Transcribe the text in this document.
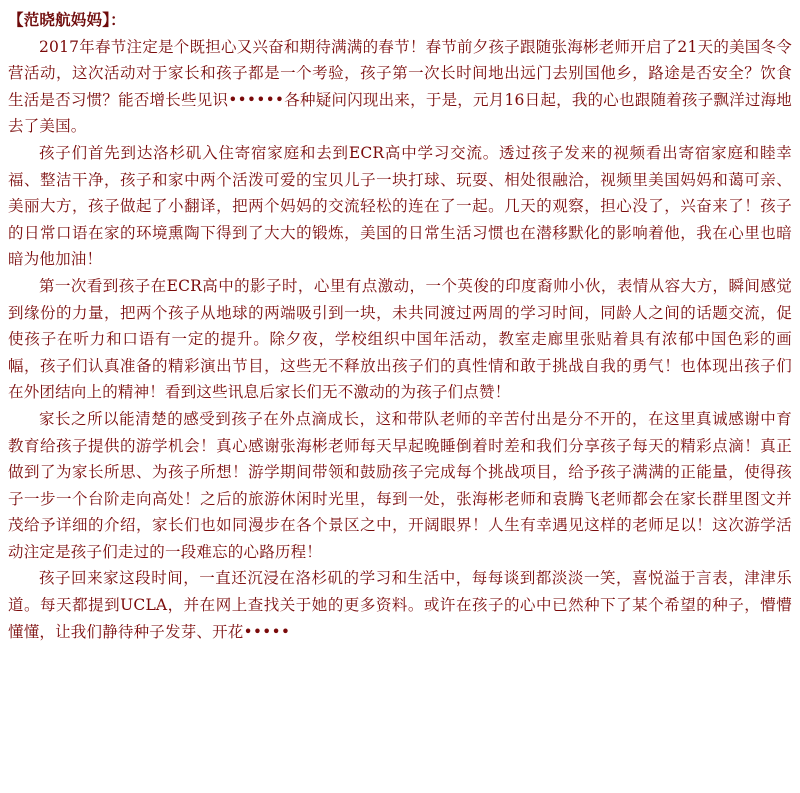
【范晓航妈妈】：

2017年春节注定是个既担心又兴奋和期待满满的春节！春节前夕孩子跟随张海彬老师开启了21天的美国冬令营活动，这次活动对于家长和孩子都是一个考验，孩子第一次长时间地出远门去别国他乡，路途是否安全？饮食生活是否习惯？能否增长些见识••••••各种疑问闪现出来，于是，元月16日起，我的心也跟随着孩子飘洋过海地去了美国。

孩子们首先到达洛杉矶入住寄宿家庭和去到ECR高中学习交流。透过孩子发来的视频看出寄宿家庭和睦幸福、整洁干净，孩子和家中两个活泼可爱的宝贝儿子一块打球、玩耍、相处很融洽，视频里美国妈妈和蔼可亲、美丽大方，孩子做起了小翻译，把两个妈妈的交流轻松的连在了一起。几天的观察，担心没了，兴奋来了！孩子的日常口语在家的环境熏陶下得到了大大的锻炼，美国的日常生活习惯也在潜移默化的影响着他，我在心里也暗暗为他加油！

第一次看到孩子在ECR高中的影子时，心里有点激动，一个英俊的印度裔帅小伙，表情从容大方，瞬间感觉到缘份的力量，把两个孩子从地球的两端吸引到一块，未共同渡过两周的学习时间，同龄人之间的话题交流，促使孩子在听力和口语有一定的提升。除夕夜，学校组织中国年活动，教室走廊里张贴着具有浓郁中国色彩的画幅，孩子们认真准备的精彩演出节目，这些无不释放出孩子们的真性情和敢于挑战自我的勇气！也体现出孩子们在外团结向上的精神！看到这些讯息后家长们无不激动的为孩子们点赞！

家长之所以能清楚的感受到孩子在外点滴成长，这和带队老师的辛苦付出是分不开的，在这里真诚感谢中育教育给孩子提供的游学机会！真心感谢张海彬老师每天早起晚睡倒着时差和我们分享孩子每天的精彩点滴！真正做到了为家长所思、为孩子所想！游学期间带领和鼓励孩子完成每个挑战项目，给予孩子满满的正能量，使得孩子一步一个台阶走向高处！之后的旅游休闲时光里，每到一处，张海彬老师和袁腾飞老师都会在家长群里图文并茂给予详细的介绍，家长们也如同漫步在各个景区之中，开阔眼界！人生有幸遇见这样的老师足以！这次游学活动注定是孩子们走过的一段难忘的心路历程！

孩子回来家这段时间，一直还沉浸在洛杉矶的学习和生活中，每每谈到都淡淡一笑，喜悦溢于言表，津津乐道。每天都提到UCLA，并在网上查找关于她的更多资料。或许在孩子的心中已然种下了某个希望的种子，懵懵懂懂，让我们静待种子发芽、开花•••••
